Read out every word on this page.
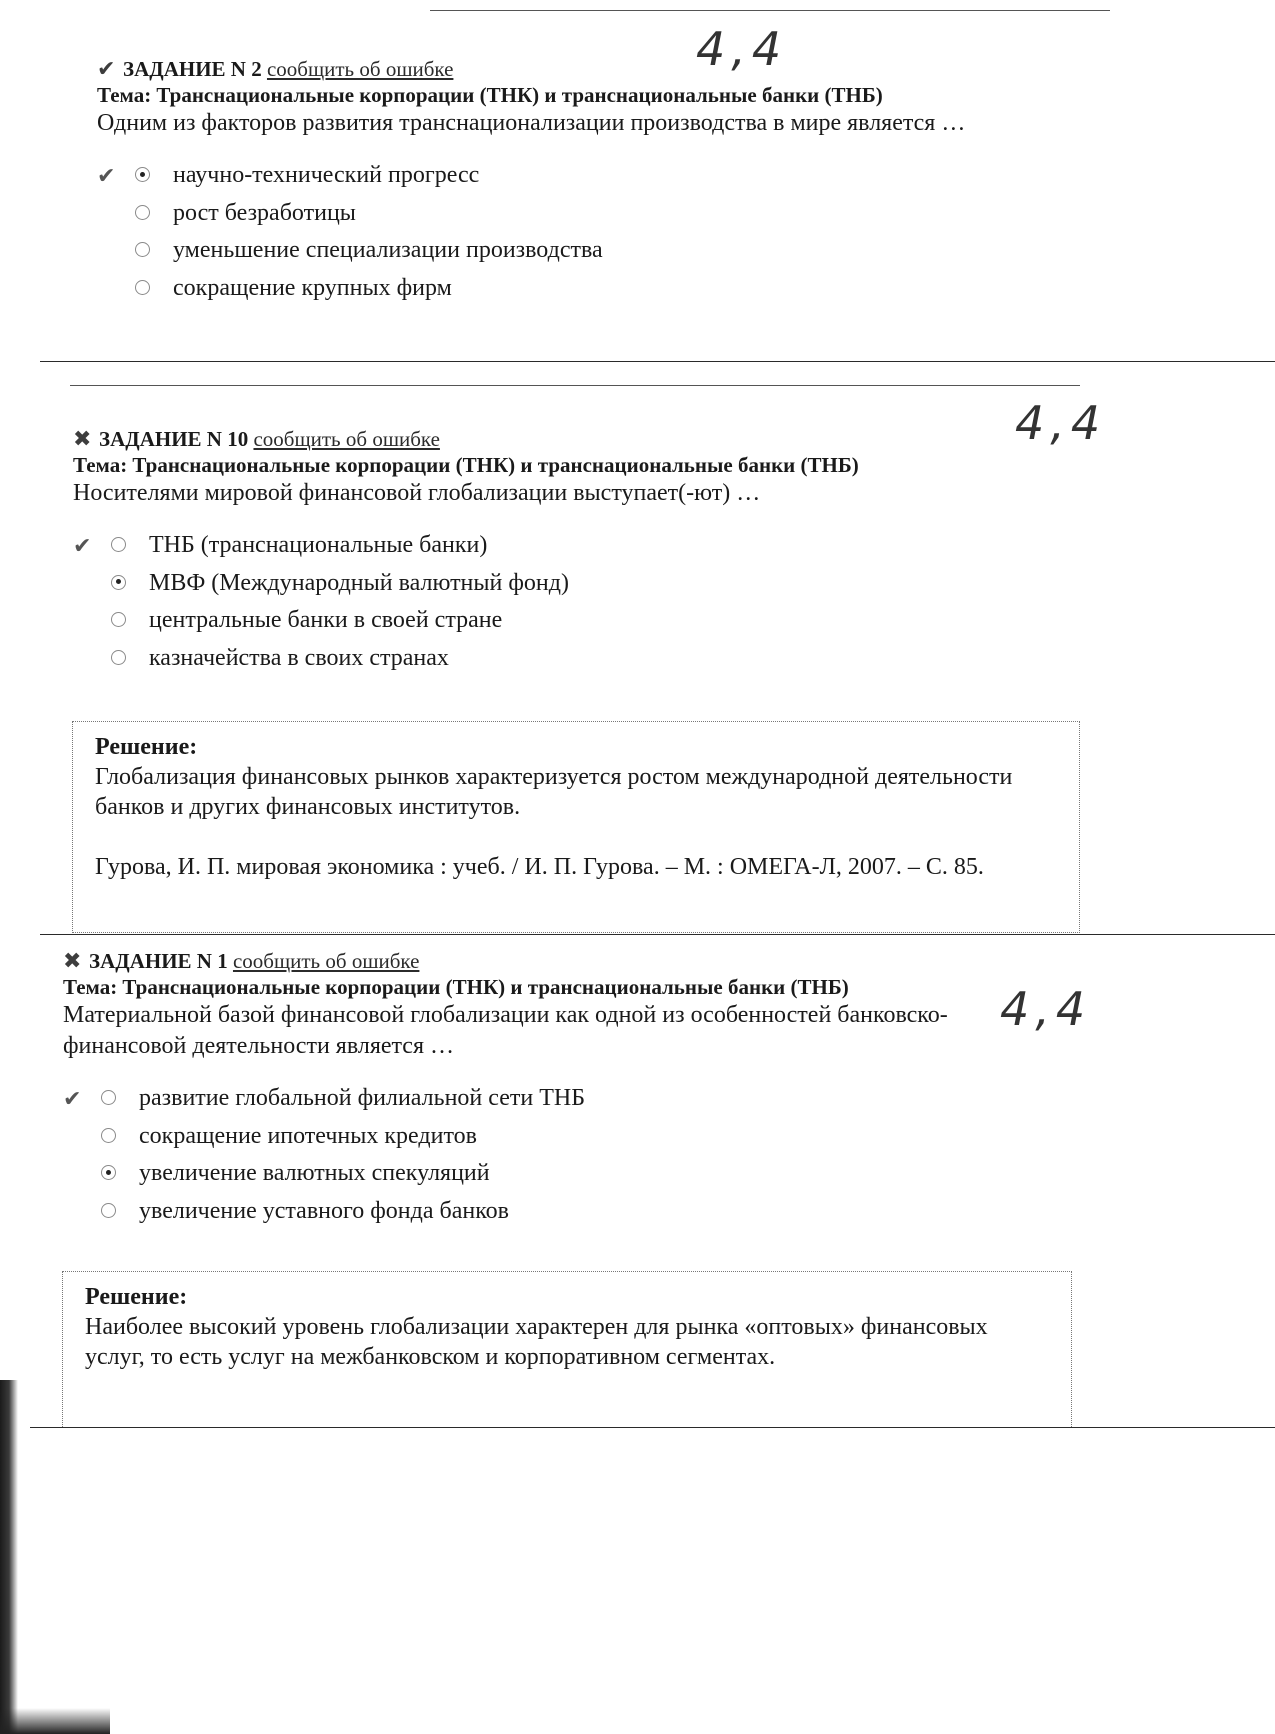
✔ ЗАДАНИЕ N 2 сообщить об ошибке
Тема: Транснациональные корпорации (ТНК) и транснациональные банки (ТНБ)
Одним из факторов развития транснационализации производства в мире является …
✔	научно-технический прогресс
рост безработицы
уменьшение специализации производства
сокращение крупных фирм
4,4
✖ ЗАДАНИЕ N 10 сообщить об ошибке
Тема: Транснациональные корпорации (ТНК) и транснациональные банки (ТНБ)
Носителями мировой финансовой глобализации выступает(-ют) …
✔	ТНБ (транснациональные банки)
МВФ (Международный валютный фонд)
центральные банки в своей стране
казначейства в своих странах
Решение:
Глобализация финансовых рынков характеризуется ростом международной деятельности банков и других финансовых институтов.
Гурова, И. П. мировая экономика : учеб. / И. П. Гурова. – М. : ОМЕГА-Л, 2007. – С. 85.
4,4
✖ ЗАДАНИЕ N 1 сообщить об ошибке
Тема: Транснациональные корпорации (ТНК) и транснациональные банки (ТНБ)
Материальной базой финансовой глобализации как одной из особенностей банковско-финансовой деятельности является …
✔	развитие глобальной филиальной сети ТНБ
сокращение ипотечных кредитов
увеличение валютных спекуляций
увеличение уставного фонда банков
Решение:
Наиболее высокий уровень глобализации характерен для рынка «оптовых» финансовых услуг, то есть услуг на межбанковском и корпоративном сегментах.
4,4
